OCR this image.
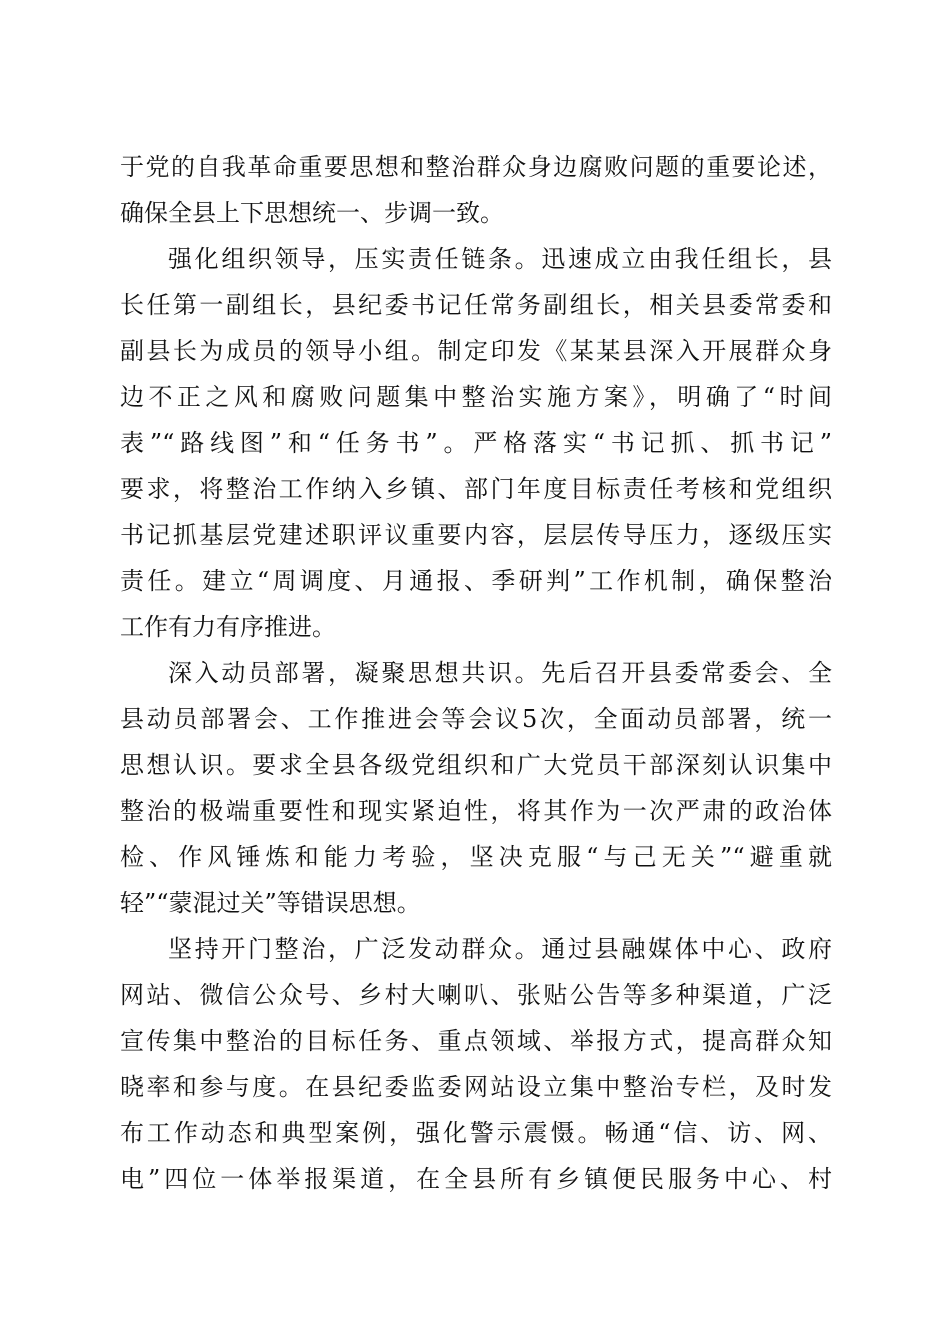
于党的自我革命重要思想和整治群众身边腐败问题的重要论述，
确保全县上下思想统一、步调一致。
强化组织领导，压实责任链条。迅速成立由我任组长，县
长任第一副组长，县纪委书记任常务副组长，相关县委常委和
副县长为成员的领导小组。制定印发《某某县深入开展群众身
边不正之风和腐败问题集中整治实施方案》，明确了“时间
表”“路线图”和“任务书”。严格落实“书记抓、抓书记”
要求，将整治工作纳入乡镇、部门年度目标责任考核和党组织
书记抓基层党建述职评议重要内容，层层传导压力，逐级压实
责任。建立“周调度、月通报、季研判”工作机制，确保整治
工作有力有序推进。
深入动员部署，凝聚思想共识。先后召开县委常委会、全
县动员部署会、工作推进会等会议5次，全面动员部署，统一
思想认识。要求全县各级党组织和广大党员干部深刻认识集中
整治的极端重要性和现实紧迫性，将其作为一次严肃的政治体
检、作风锤炼和能力考验，坚决克服“与己无关”“避重就
轻”“蒙混过关”等错误思想。
坚持开门整治，广泛发动群众。通过县融媒体中心、政府
网站、微信公众号、乡村大喇叭、张贴公告等多种渠道，广泛
宣传集中整治的目标任务、重点领域、举报方式，提高群众知
晓率和参与度。在县纪委监委网站设立集中整治专栏，及时发
布工作动态和典型案例，强化警示震慑。畅通“信、访、网、
电”四位一体举报渠道，在全县所有乡镇便民服务中心、村
